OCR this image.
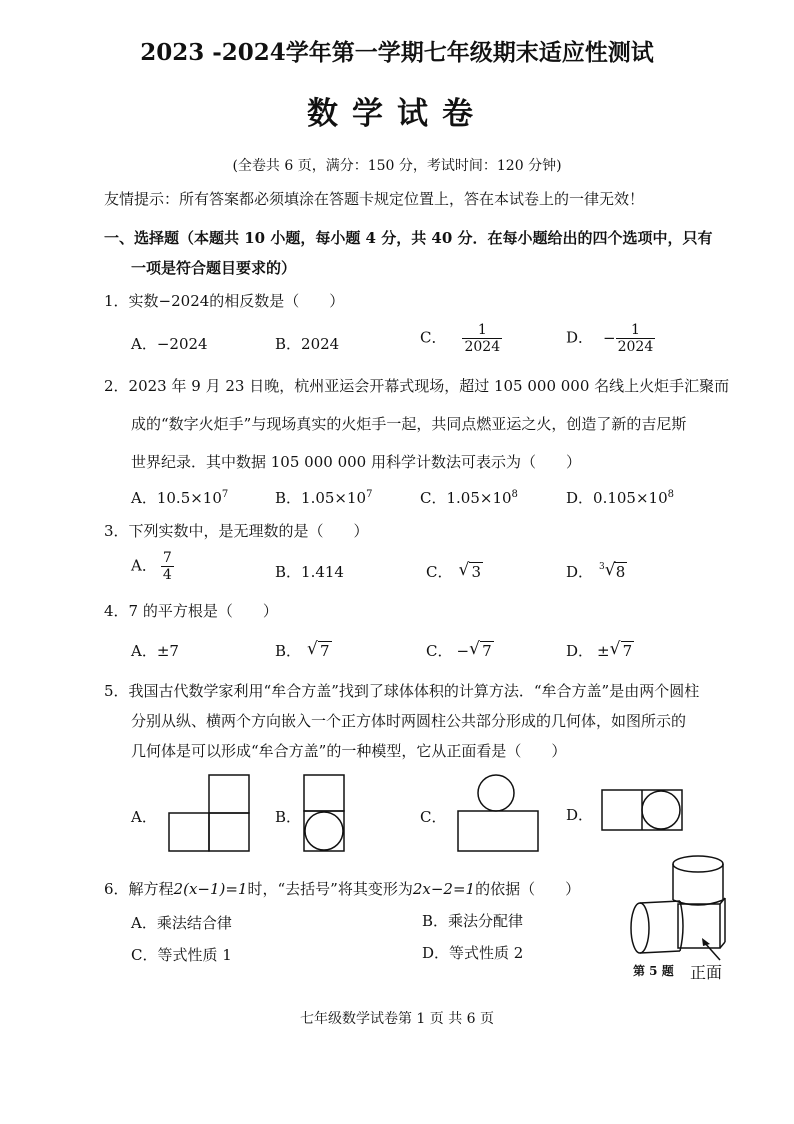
2023 -2024学年第一学期七年级期末适应性测试
数学试卷
(全卷共 6 页，满分：150 分，考试时间：120 分钟)
友情提示：所有答案都必须填涂在答题卡规定位置上，答在本试卷上的一律无效！
一、选择题（本题共 10 小题，每小题 4 分，共 40 分．在每小题给出的四个选项中，只有
一项是符合题目要求的）
1．实数−2024的相反数是（　　）
A．−2024	B．2024	C． $\frac{1}{2024}$	D． − $\frac{1}{2024}$
2．2023 年 9 月 23 日晚，杭州亚运会开幕式现场，超过 105 000 000 名线上火炬手汇聚而
成的“数字火炬手”与现场真实的火炬手一起，共同点燃亚运之火，创造了新的吉尼斯
世界纪录．其中数据 105 000 000 用科学计数法可表示为（　　）
A．$10.5\times 10^7$	B．$1.05\times 10^7$	C．$1.05\times 10^8$	D．$0.105\times 10^8$
3．下列实数中，是无理数的是（　　）
A． $\frac{7}{4}$	B．1.414	C． √ 3	D． $^3$ √ 8
4．7 的平方根是（　　）
A．±7	B． √ 7	C． − √ 7	D． ± √ 7
5．我国古代数学家利用“牟合方盖”找到了球体体积的计算方法．“牟合方盖”是由两个圆柱
分别从纵、横两个方向嵌入一个正方体时两圆柱公共部分形成的几何体，如图所示的
几何体是可以形成“牟合方盖”的一种模型，它从正面看是（　　）
A．	B．	C．	D．
6．解方程2(x−1)=1时，“去括号”将其变形为2x−2=1的依据（　　）
A．乘法结合律	B．乘法分配律
C．等式性质 1	D．等式性质 2
第 5 题 正面
七年级数学试卷第 1 页 共 6 页
